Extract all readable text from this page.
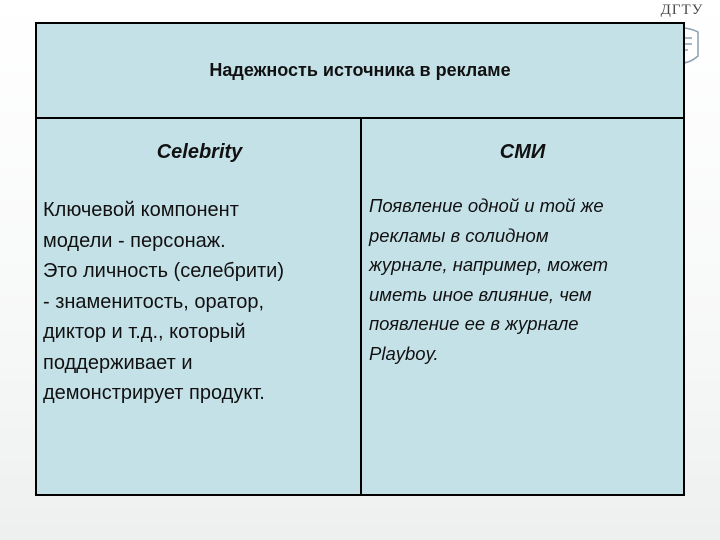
ДГТУ
Надежность источника в рекламе
Celebrity	СМИ

Ключевой компонент

модели - персонаж.

Это личность (селебрити)

- знаменитость, оратор,

диктор и т.д., который

поддерживает и

демонстрирует продукт.

Появление одной и той же

рекламы в солидном

журнале, например, может

иметь иное влияние, чем

появление ее в журнале

Playboy.
